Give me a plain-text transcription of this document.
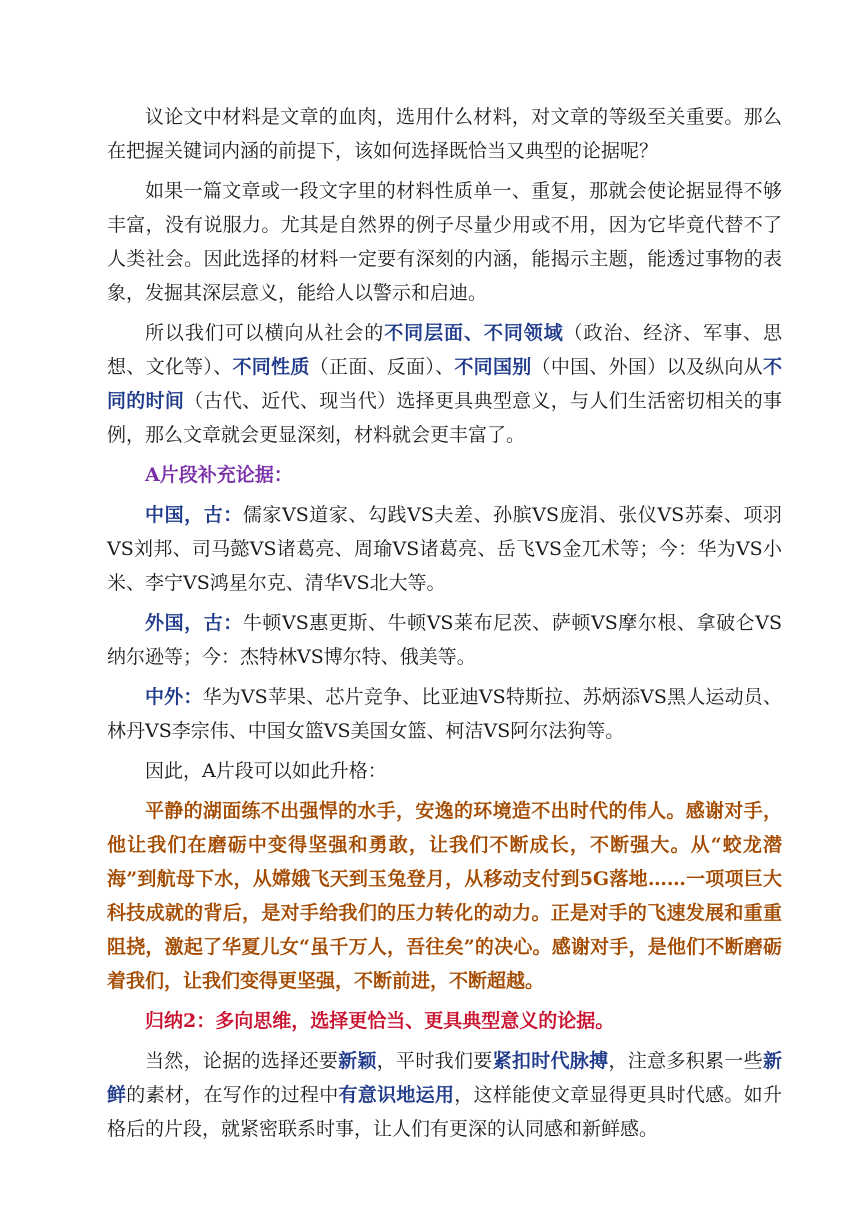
议论文中材料是文章的血肉，选用什么材料，对文章的等级至关重要。那么在把握关键词内涵的前提下，该如何选择既恰当又典型的论据呢？

如果一篇文章或一段文字里的材料性质单一、重复，那就会使论据显得不够丰富，没有说服力。尤其是自然界的例子尽量少用或不用，因为它毕竟代替不了人类社会。因此选择的材料一定要有深刻的内涵，能揭示主题，能透过事物的表象，发掘其深层意义，能给人以警示和启迪。

所以我们可以横向从社会的不同层面、不同领域（政治、经济、军事、思想、文化等）、不同性质（正面、反面）、不同国别（中国、外国）以及纵向从不同的时间（古代、近代、现当代）选择更具典型意义，与人们生活密切相关的事例，那么文章就会更显深刻，材料就会更丰富了。

A片段补充论据：

中国，古：儒家VS道家、勾践VS夫差、孙膑VS庞涓、张仪VS苏秦、项羽VS刘邦、司马懿VS诸葛亮、周瑜VS诸葛亮、岳飞VS金兀术等；今：华为VS小米、李宁VS鸿星尔克、清华VS北大等。

外国，古：牛顿VS惠更斯、牛顿VS莱布尼茨、萨顿VS摩尔根、拿破仑VS纳尔逊等；今：杰特林VS博尔特、俄美等。

中外：华为VS苹果、芯片竞争、比亚迪VS特斯拉、苏炳添VS黑人运动员、林丹VS李宗伟、中国女篮VS美国女篮、柯洁VS阿尔法狗等。

因此，A片段可以如此升格：

平静的湖面练不出强悍的水手，安逸的环境造不出时代的伟人。感谢对手，他让我们在磨砺中变得坚强和勇敢，让我们不断成长，不断强大。从“蛟龙潜海”到航母下水，从嫦娥飞天到玉兔登月，从移动支付到5G落地……一项项巨大科技成就的背后，是对手给我们的压力转化的动力。正是对手的飞速发展和重重阻挠，激起了华夏儿女“虽千万人，吾往矣”的决心。感谢对手，是他们不断磨砺着我们，让我们变得更坚强，不断前进，不断超越。

归纳2：多向思维，选择更恰当、更具典型意义的论据。

当然，论据的选择还要新颖，平时我们要紧扣时代脉搏，注意多积累一些新鲜的素材，在写作的过程中有意识地运用，这样能使文章显得更具时代感。如升格后的片段，就紧密联系时事，让人们有更深的认同感和新鲜感。
